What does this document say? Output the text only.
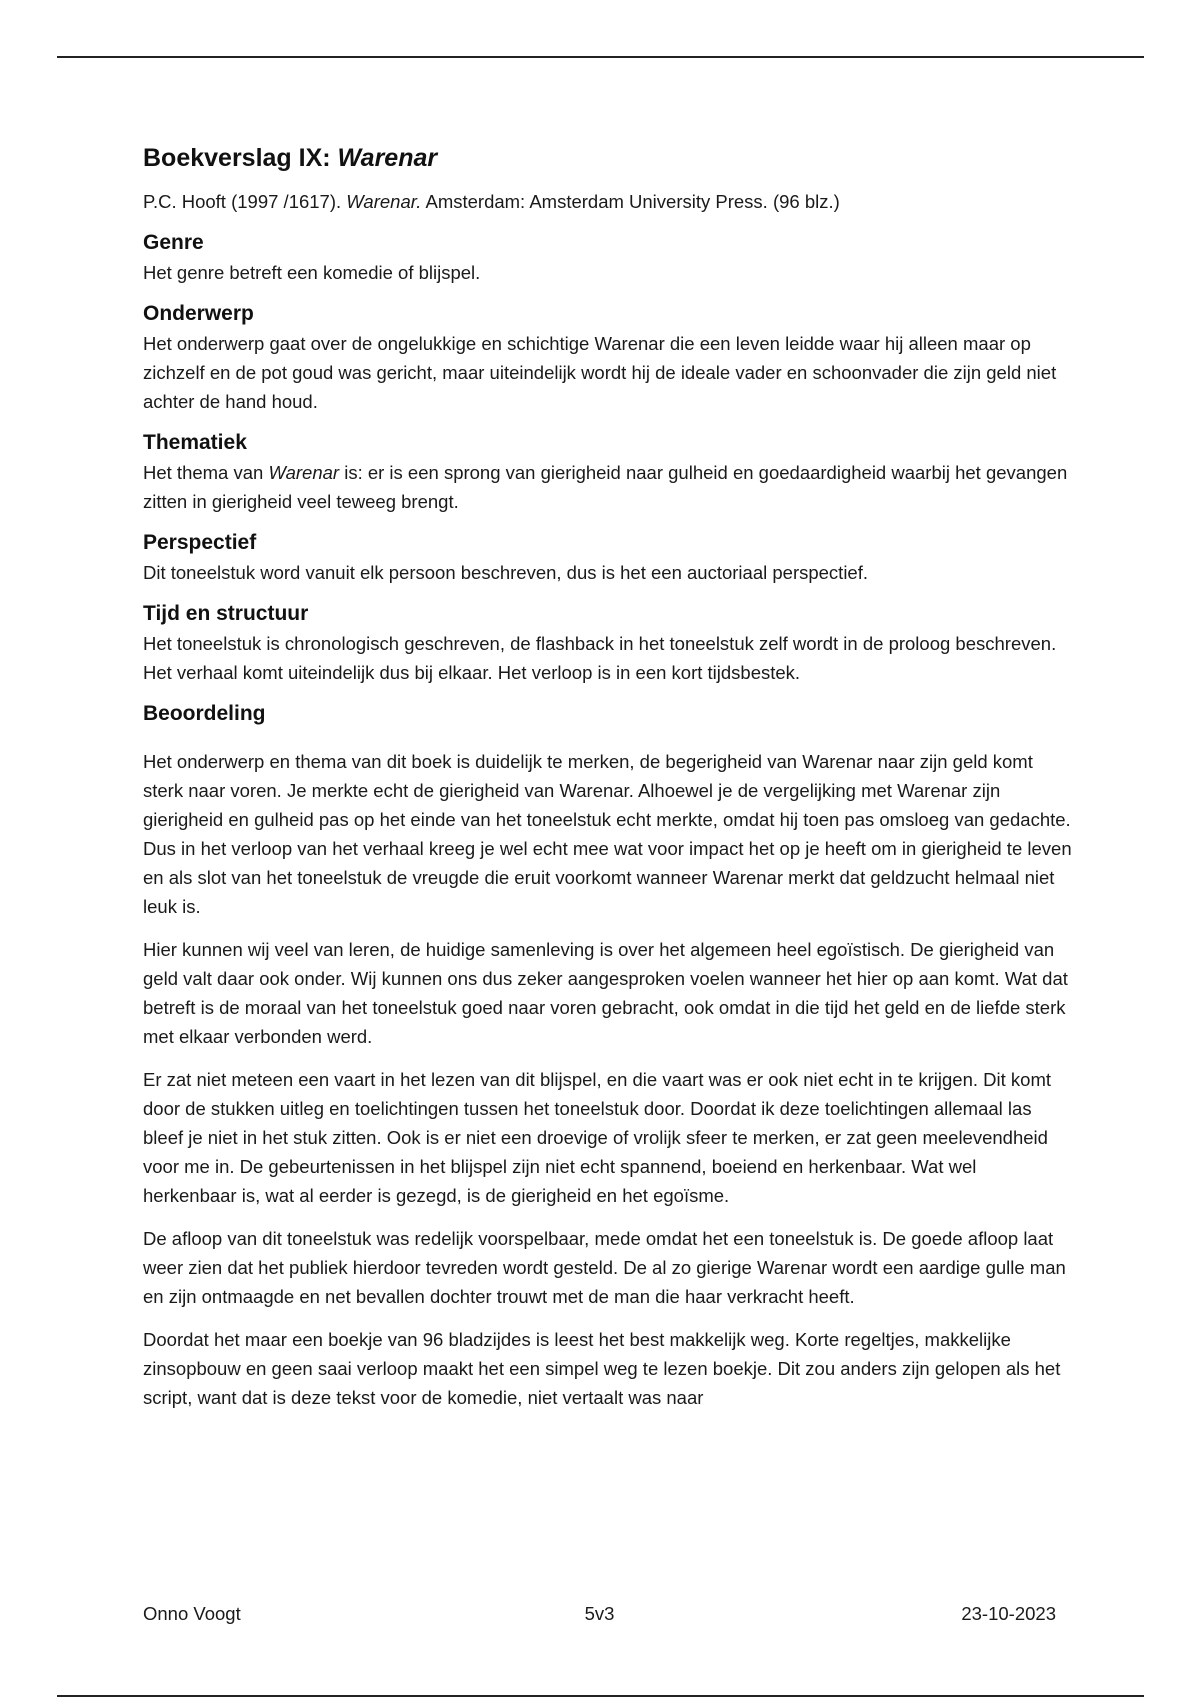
Boekverslag IX: Warenar

P.C. Hooft (1997 /1617). Warenar. Amsterdam: Amsterdam University Press. (96 blz.)

Genre

Het genre betreft een komedie of blijspel.

Onderwerp

Het onderwerp gaat over de ongelukkige en schichtige Warenar die een leven leidde waar hij alleen maar op zichzelf en de pot goud was gericht, maar uiteindelijk wordt hij de ideale vader en schoonvader die zijn geld niet achter de hand houd.

Thematiek

Het thema van Warenar is: er is een sprong van gierigheid naar gulheid en goedaardigheid waarbij het gevangen zitten in gierigheid veel teweeg brengt.

Perspectief

Dit toneelstuk word vanuit elk persoon beschreven, dus is het een auctoriaal perspectief.

Tijd en structuur

Het toneelstuk is chronologisch geschreven, de flashback in het toneelstuk zelf wordt in de proloog beschreven. Het verhaal komt uiteindelijk dus bij elkaar. Het verloop is in een kort tijdsbestek.

Beoordeling

Het onderwerp en thema van dit boek is duidelijk te merken, de begerigheid van Warenar naar zijn geld komt sterk naar voren. Je merkte echt de gierigheid van Warenar. Alhoewel je de vergelijking met Warenar zijn gierigheid en gulheid pas op het einde van het toneelstuk echt merkte, omdat hij toen pas omsloeg van gedachte. Dus in het verloop van het verhaal kreeg je wel echt mee wat voor impact het op je heeft om in gierigheid te leven en als slot van het toneelstuk de vreugde die eruit voorkomt wanneer Warenar merkt dat geldzucht helmaal niet leuk is.

Hier kunnen wij veel van leren, de huidige samenleving is over het algemeen heel egoïstisch. De gierigheid van geld valt daar ook onder. Wij kunnen ons dus zeker aangesproken voelen wanneer het hier op aan komt. Wat dat betreft is de moraal van het toneelstuk goed naar voren gebracht, ook omdat in die tijd het geld en de liefde sterk met elkaar verbonden werd.

Er zat niet meteen een vaart in het lezen van dit blijspel, en die vaart was er ook niet echt in te krijgen. Dit komt door de stukken uitleg en toelichtingen tussen het toneelstuk door. Doordat ik deze toelichtingen allemaal las bleef je niet in het stuk zitten. Ook is er niet een droevige of vrolijk sfeer te merken, er zat geen meelevendheid voor me in. De gebeurtenissen in het blijspel zijn niet echt spannend, boeiend en herkenbaar. Wat wel herkenbaar is, wat al eerder is gezegd, is de gierigheid en het egoïsme.

De afloop van dit toneelstuk was redelijk voorspelbaar, mede omdat het een toneelstuk is. De goede afloop laat weer zien dat het publiek hierdoor tevreden wordt gesteld. De al zo gierige Warenar wordt een aardige gulle man en zijn ontmaagde en net bevallen dochter trouwt met de man die haar verkracht heeft.

Doordat het maar een boekje van 96 bladzijdes is leest het best makkelijk weg. Korte regeltjes, makkelijke zinsopbouw en geen saai verloop maakt het een simpel weg te lezen boekje. Dit zou anders zijn gelopen als het script, want dat is deze tekst voor de komedie, niet vertaalt was naar

Onno Voogt	5v3	23-10-2023
